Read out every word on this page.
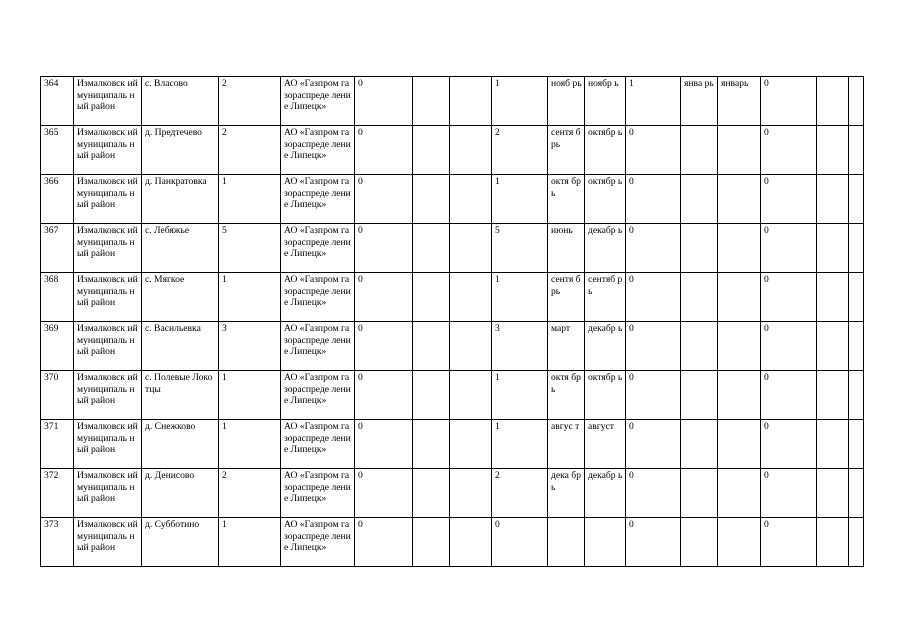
364	Измалковск ий муниципаль ный район	с. Власово	2	АО «Газпром газораспреде ление Липецк»	0			1	нояб рь	ноябр ь	1	янва рь	январь	0		
365	Измалковск ий муниципаль ный район	д. Предтечево	2	АО «Газпром газораспреде ление Липецк»	0			2	сентя брь	октябр ь	0			0		
366	Измалковск ий муниципаль ный район	д. Панкратовка	1	АО «Газпром газораспреде ление Липецк»	0			1	октя брь	октябр ь	0			0		
367	Измалковск ий муниципаль ный район	с. Лебяжье	5	АО «Газпром газораспреде ление Липецк»	0			5	июнь	декабр ь	0			0		
368	Измалковск ий муниципаль ный район	с. Мягкое	1	АО «Газпром газораспреде ление Липецк»	0			1	сентя брь	сентяб рь	0			0		
369	Измалковск ий муниципаль ный район	с. Васильевка	3	АО «Газпром газораспреде ление Липецк»	0			3	март	декабр ь	0			0		
370	Измалковск ий муниципаль ный район	с. Полевые Локотцы	1	АО «Газпром газораспреде ление Липецк»	0			1	октя брь	октябр ь	0			0		
371	Измалковск ий муниципаль ный район	д. Снежково	1	АО «Газпром газораспреде ление Липецк»	0			1	авгус т	август	0			0		
372	Измалковск ий муниципаль ный район	д. Денисово	2	АО «Газпром газораспреде ление Липецк»	0			2	дека брь	декабр ь	0			0		
373	Измалковск ий муниципаль ный район	д. Субботино	1	АО «Газпром газораспреде ление Липецк»	0			0			0			0		
